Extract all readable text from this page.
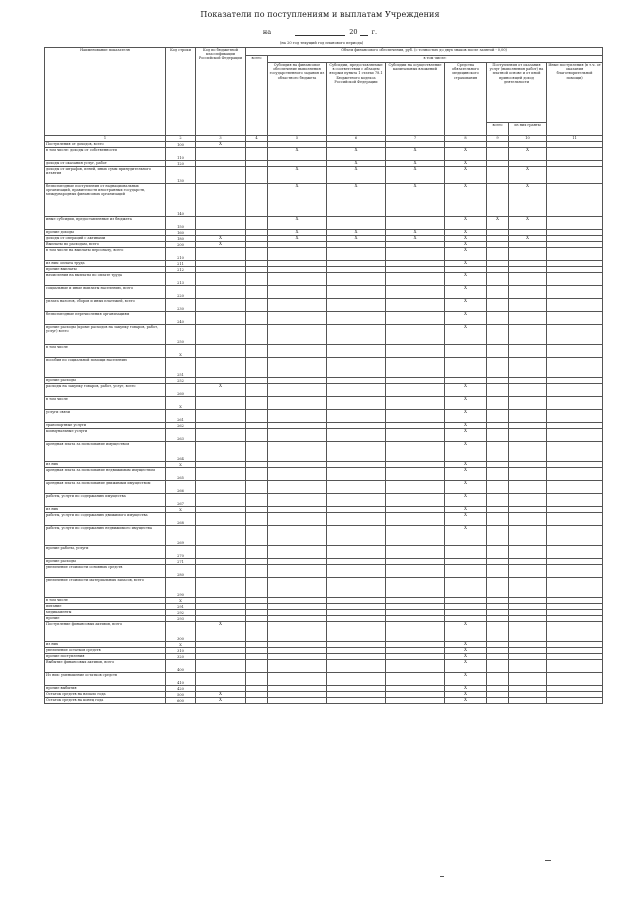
Показатели по поступлениям и выплатам Учреждения
на	20 г.
(на 20 год текущий год планового периода)
Наименование показателя	Код строки	Код по бюджетной классификации Российской Федерации	Объем финансового обеспечения, руб. (с точностью до двух знаков после запятой - 0,00)							
			всего	в том числе:						
				Субсидия на финансовое обеспечение выполнения государственного задания из областного бюджета	Субсидии, предоставляемые в соответствии с абзацем вторым пункта 1 статьи 78.1 Бюджетного кодекса Российской Федерации	Субсидии на осуществление капитальных вложений	Средства обязательного медицинского страхования	Поступления от оказания услуг (выполнения работ) на платной основе и от иной приносящей доход деятельности		Иные поступления (в т.ч. от оказания благотворительной помощи)
								всего	из них гранты	
1	2	3	4	5	6	7	8	9	10	11
Поступления от доходов, всего	100	X								
в том числе: доходы от собственности	110			X	X	X	X		X	
доходы от оказания услуг, работ	120				X	X	X			
доходы от штрафов, пеней, иных сумм принудительного изъятия	130			X	X	X	X		X	
безвозмездные поступления от наднациональных организаций, правительств иностранных государств, международных финансовых организаций	140			X	X	X	X		X	
иные субсидии, предоставленные из бюджета	150			X			X	X	X	
прочие доходы	160			X	X	X	X			
доходы от операций с активами	180	X		X	X	X	X		X	
Выплаты по расходам, всего	200	X					X			
в том числе на выплаты персоналу, всего	210						X			
из них: оплата труда	211						X			
прочие выплаты	212									
начисления на выплаты по оплате труда	213						X			
социальные и иные выплаты населению, всего	220						X			
уплата налогов, сборов и иных платежей, всего	230						X			
безвозмездные перечисления организациям	240						X			
прочие расходы (кроме расходов на закупку товаров, работ, услуг) всего	250						X			
в том числе	X									
пособия по социальной помощи населению	251									
прочие расходы	252									
расходы на закупку товаров, работ, услуг, всего	260	X					X			
в том числе	X						X			
услуги связи	261						X			
транспортные услуги	262						X			
коммунальные услуги	263						X			
арендная плата за пользование имуществом	264						X			
из них	X						X			
арендная плата за пользование недвижимым имуществом	265						X			
арендная плата за пользование движимым имуществом	266						X			
работы, услуги по содержанию имущества	267						X			
из них	X						X			
работы, услуги по содержанию движимого имущества	268						X			
работы, услуги по содержанию недвижимого имущества	269						X			
прочие работы, услуги	270									
прочие расходы	271									
увеличение стоимости основных средств	280									
увеличение стоимости материальных запасов, всего	290									
в том числе	X									
питание	291									
медикаменты	292									
прочие	293									
Поступление финансовых активов, всего	300	X					X			
из них	X						X			
увеличение остатков средств	310						X			
прочие поступления	320						X			
Выбытие финансовых активов, всего	400						X			
Из них: уменьшение остатков средств	410						X			
прочие выбытия	420						X			
Остаток средств на начало года	500	X					X			
Остаток средств на конец года	600	X					X			
